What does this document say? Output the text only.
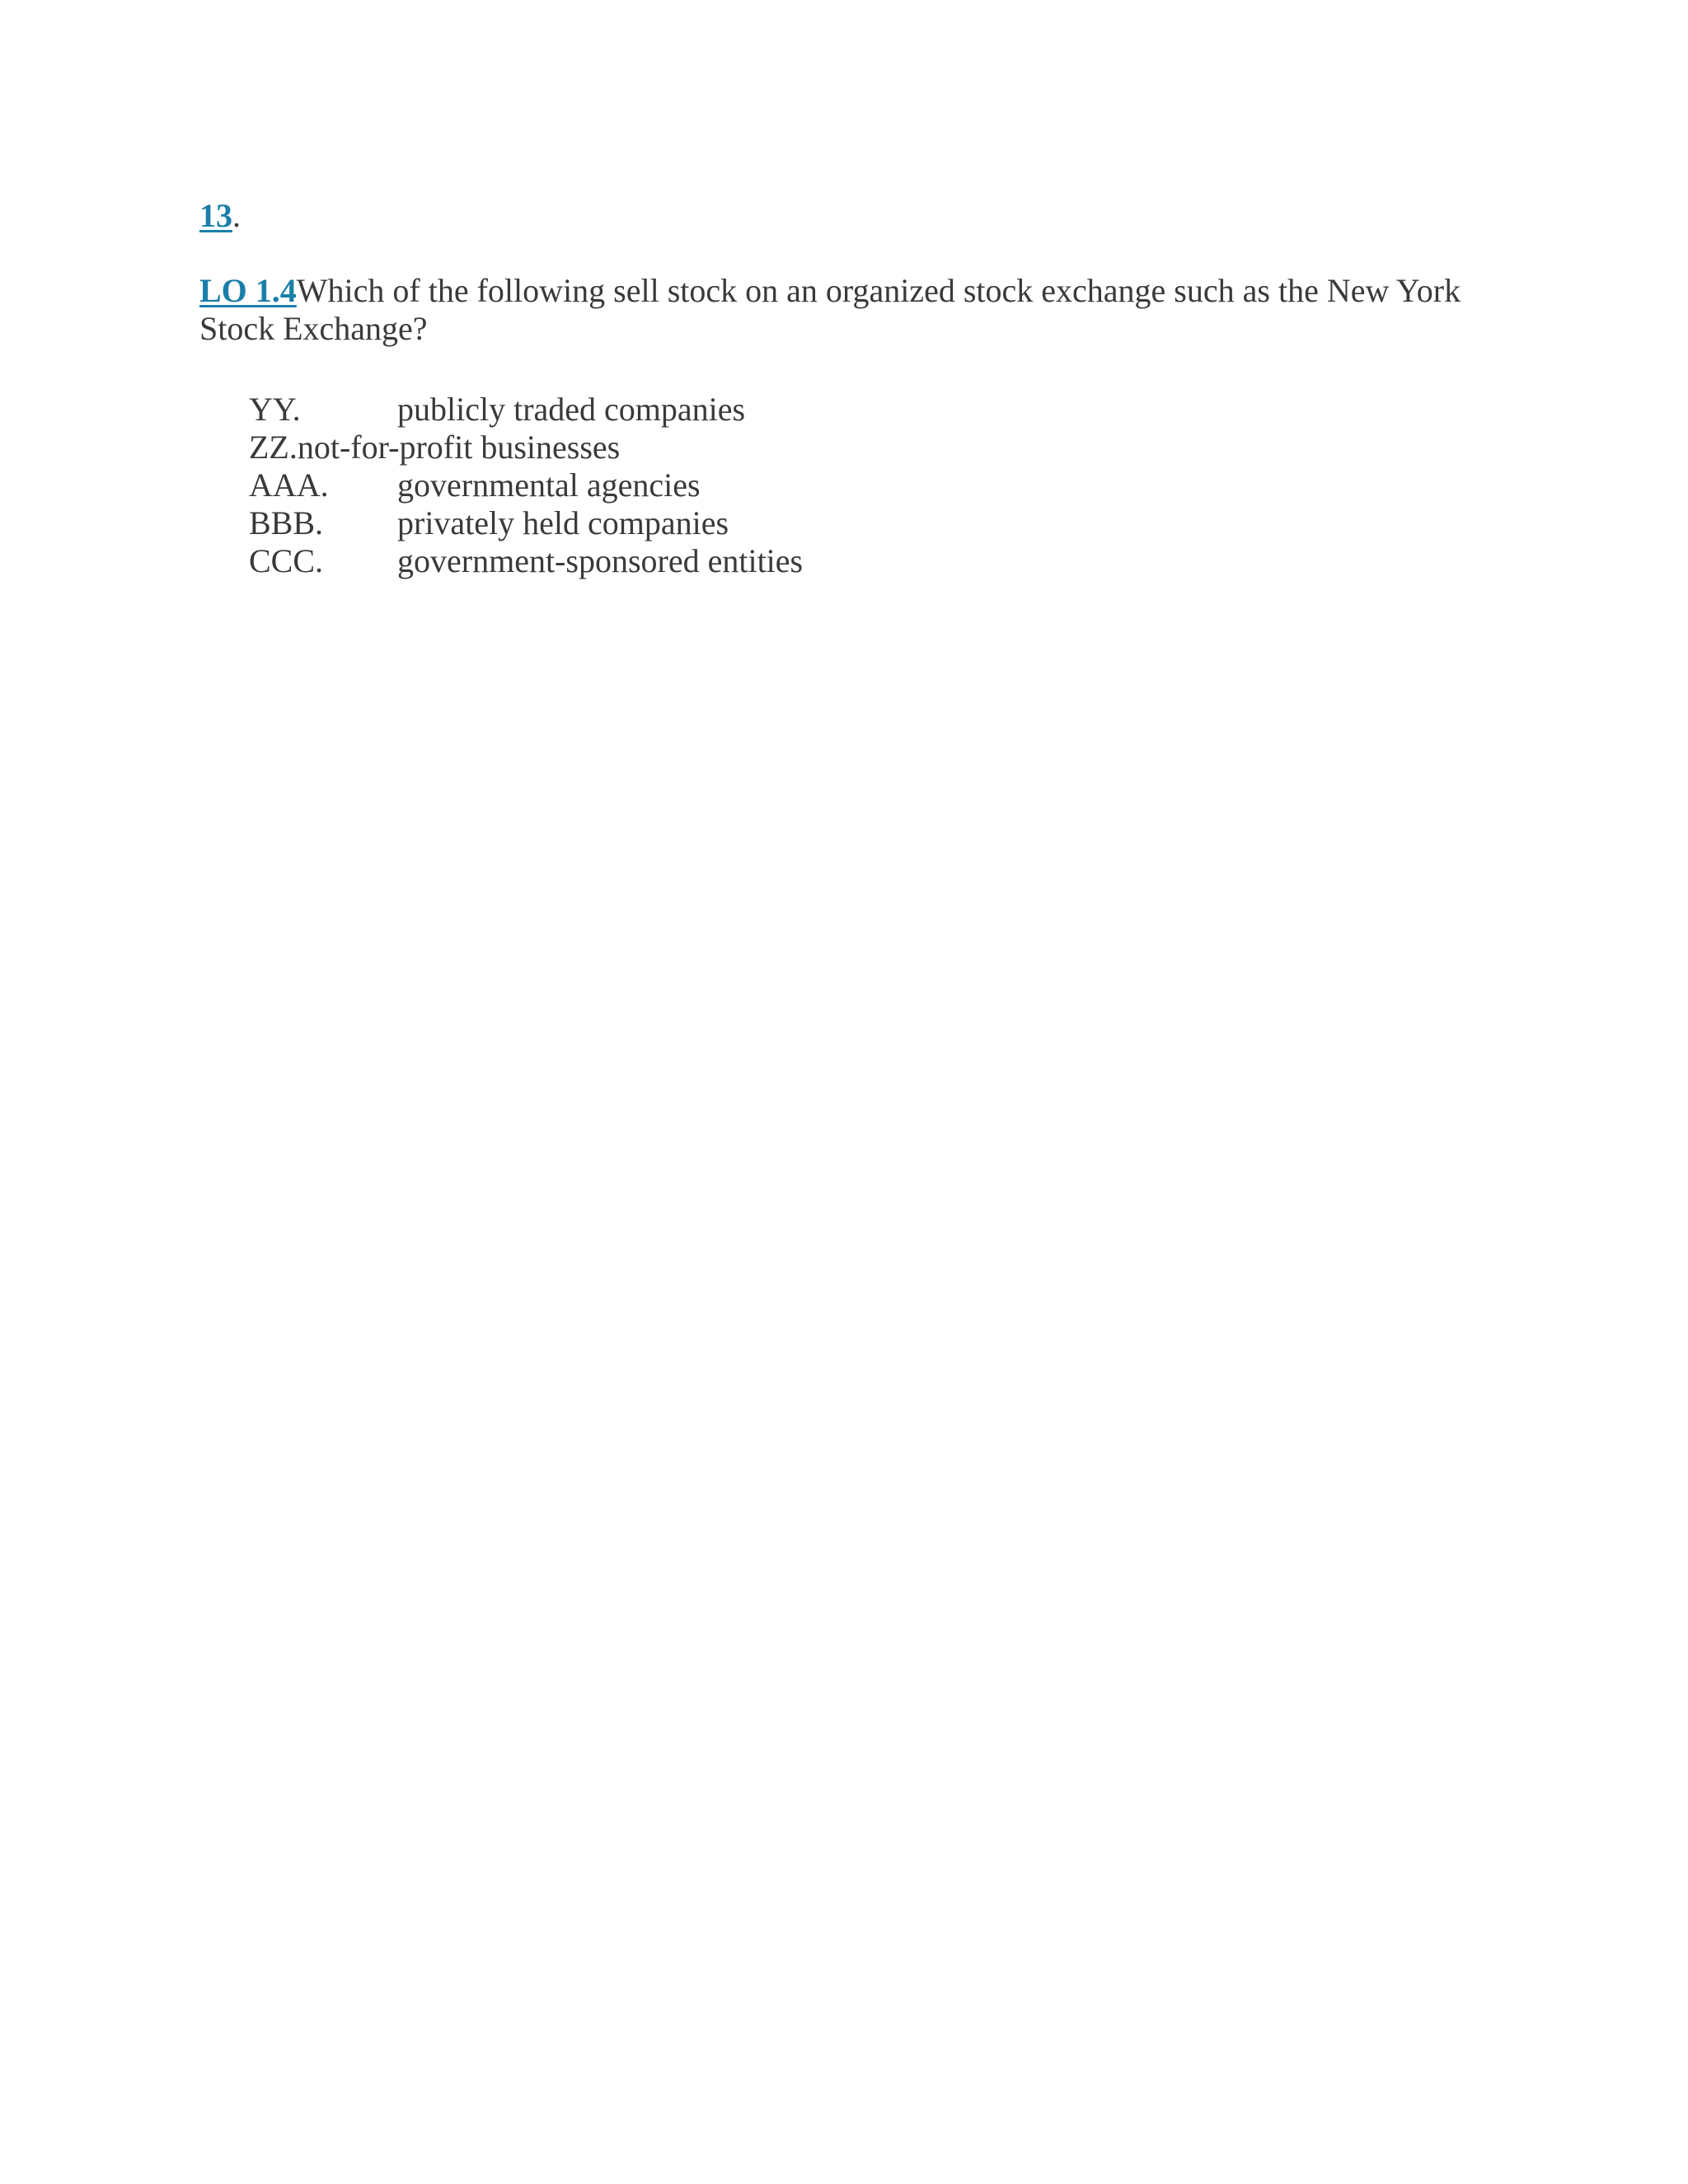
13.
LO 1.4Which of the following sell stock on an organized stock exchange such as the New York Stock Exchange?
YY.	publicly traded companies
ZZ.not-for-profit businesses
AAA. governmental agencies
BBB. privately held companies
CCC. government-sponsored entities
